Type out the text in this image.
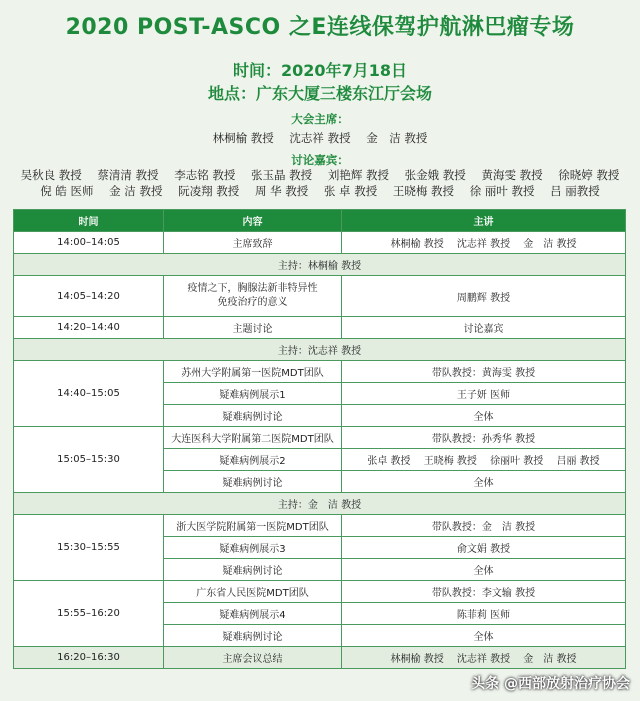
2020 POST-ASCO 之E连线保驾护航淋巴瘤专场
时间：2020年7月18日
地点：广东大厦三楼东江厅会场
大会主席：
林桐榆 教授 沈志祥 教授 金　洁 教授
讨论嘉宾：
吴秋良 教授 蔡清清 教授 李志铭 教授 张玉晶 教授 刘艳辉 教授 张金娥 教授 黄海雯 教授 徐晓婷 教授
倪 皓 医师 金 洁 教授 阮凌翔 教授 周 华 教授 张 卓 教授 王晓梅 教授 徐 丽叶 教授 吕 丽教授
时间	内容	主讲
14:00–14:05	主席致辞	林桐榆 教授 沈志祥 教授 金　洁 教授
主持：林桐榆 教授		
14:05–14:20	疫情之下，胸腺法新非特异性
免疫治疗的意义	周鹏辉 教授
14:20–14:40	主题讨论	讨论嘉宾
主持：沈志祥 教授		
14:40–15:05	苏州大学附属第一医院MDT团队	带队教授：黄海雯 教授
	疑难病例展示1	王子妍 医师
	疑难病例讨论	全体
15:05–15:30	大连医科大学附属第二医院MDT团队	带队教授：孙秀华 教授
	疑难病例展示2	张卓 教授 王晓梅 教授 徐丽叶 教授 吕丽 教授
	疑难病例讨论	全体
主持：金　洁 教授		
15:30–15:55	浙大医学院附属第一医院MDT团队	带队教授：金　洁 教授
	疑难病例展示3	俞文娟 教授
	疑难病例讨论	全体
15:55–16:20	广东省人民医院MDT团队	带队教授：李文输 教授
	疑难病例展示4	陈菲莉 医师
	疑难病例讨论	全体
16:20–16:30	主席会议总结	林桐榆 教授 沈志祥 教授 金　洁 教授
头条 @西部放射治疗协会
